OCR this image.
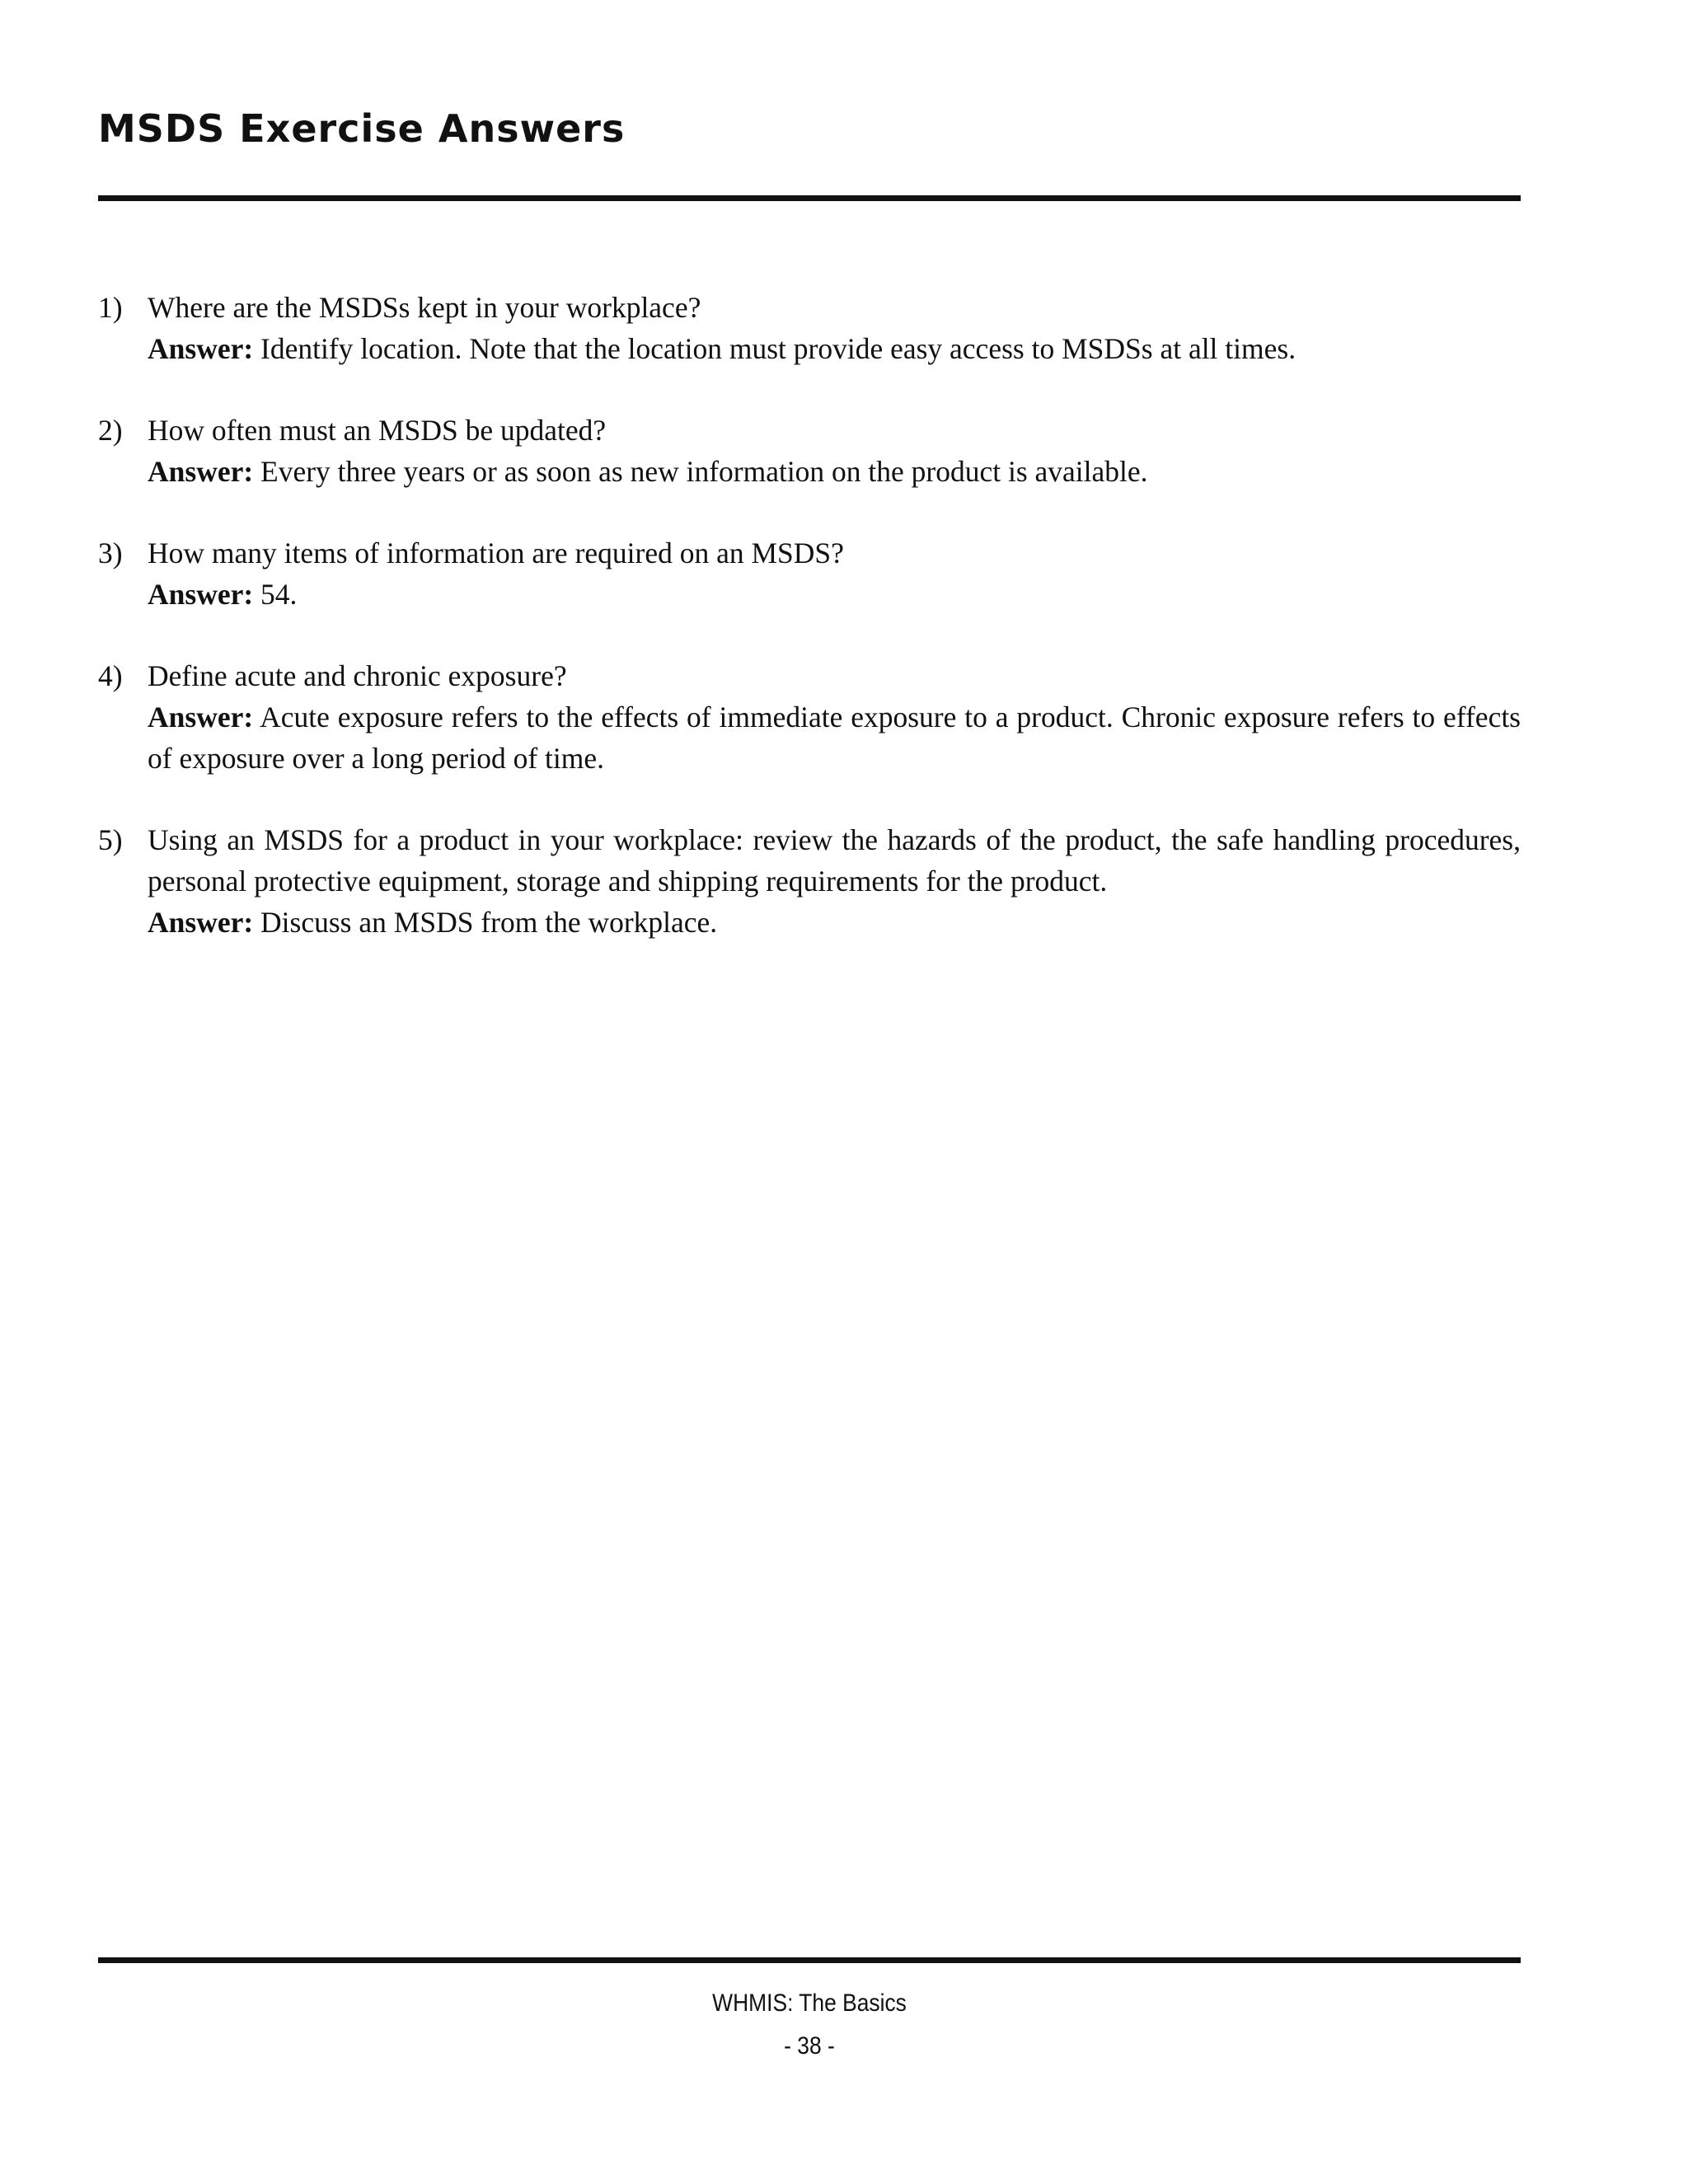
MSDS Exercise Answers
1) Where are the MSDSs kept in your workplace?
Answer: Identify location. Note that the location must provide easy access to MSDSs at all times.
2) How often must an MSDS be updated?
Answer: Every three years or as soon as new information on the product is available.
3) How many items of information are required on an MSDS?
Answer: 54.
4) Define acute and chronic exposure?
Answer: Acute exposure refers to the effects of immediate exposure to a product. Chronic exposure refers to effects of exposure over a long period of time.
5) Using an MSDS for a product in your workplace: review the hazards of the product, the safe handling procedures, personal protective equipment, storage and shipping requirements for the product.
Answer: Discuss an MSDS from the workplace.
WHMIS: The Basics
- 38 -
